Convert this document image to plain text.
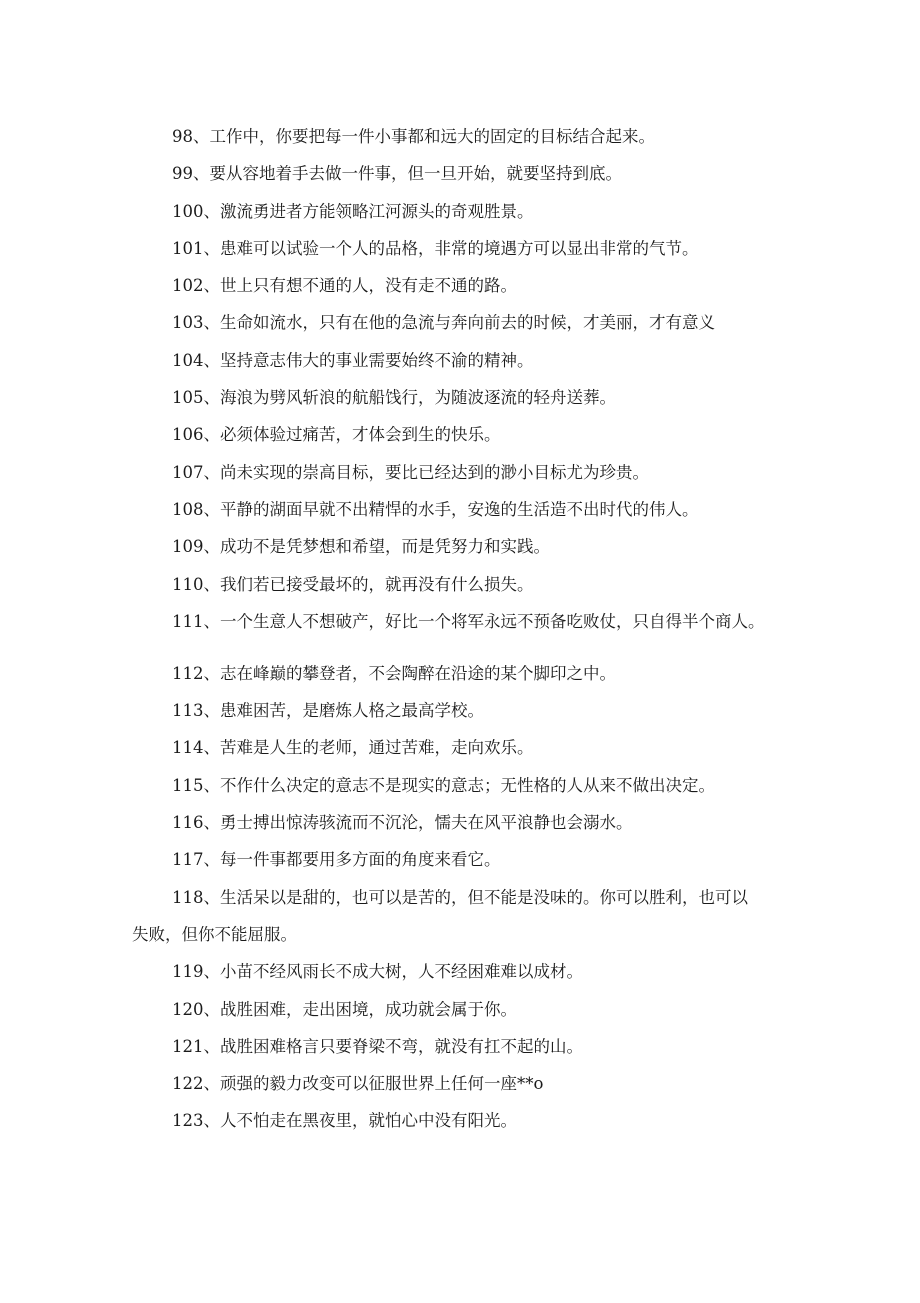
98、工作中，你要把每一件小事都和远大的固定的目标结合起来。
99、要从容地着手去做一件事，但一旦开始，就要坚持到底。
100、激流勇进者方能领略江河源头的奇观胜景。
101、患难可以试验一个人的品格，非常的境遇方可以显出非常的气节。
102、世上只有想不通的人，没有走不通的路。
103、生命如流水，只有在他的急流与奔向前去的时候，才美丽，才有意义
104、坚持意志伟大的事业需要始终不渝的精神。
105、海浪为劈风斩浪的航船饯行，为随波逐流的轻舟送葬。
106、必须体验过痛苦，才体会到生的快乐。
107、尚未实现的崇高目标，要比已经达到的渺小目标尤为珍贵。
108、平静的湖面早就不出精悍的水手，安逸的生活造不出时代的伟人。
109、成功不是凭梦想和希望，而是凭努力和实践。
110、我们若已接受最坏的，就再没有什么损失。
111、一个生意人不想破产，好比一个将军永远不预备吃败仗，只自得半个商人。
112、志在峰巅的攀登者，不会陶醉在沿途的某个脚印之中。
113、患难困苦，是磨炼人格之最高学校。
114、苦难是人生的老师，通过苦难，走向欢乐。
115、不作什么决定的意志不是现实的意志；无性格的人从来不做出决定。
116、勇士搏出惊涛骇流而不沉沦，懦夫在风平浪静也会溺水。
117、每一件事都要用多方面的角度来看它。
118、生活呆以是甜的，也可以是苦的，但不能是没味的。你可以胜利，也可以
失败，但你不能屈服。
119、小苗不经风雨长不成大树，人不经困难难以成材。
120、战胜困难，走出困境，成功就会属于你。
121、战胜困难格言只要脊梁不弯，就没有扛不起的山。
122、顽强的毅力改变可以征服世界上任何一座**o
123、人不怕走在黑夜里，就怕心中没有阳光。
